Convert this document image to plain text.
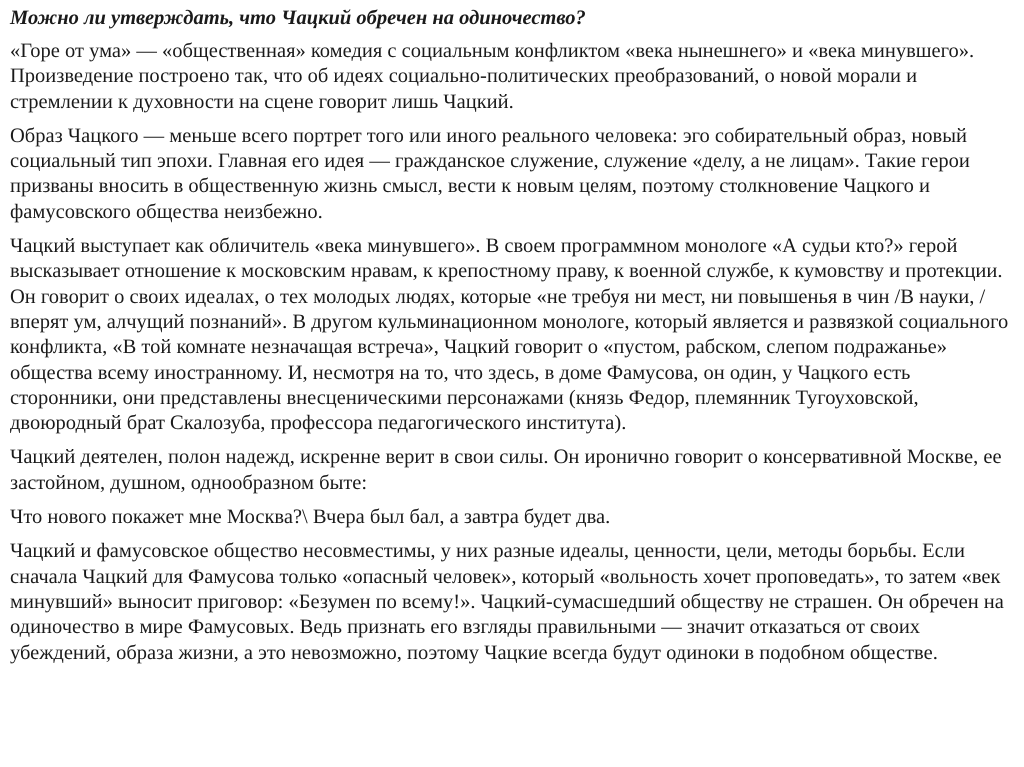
Можно ли утверждать, что Чацкий обречен на одиночество?

«Горе от ума» — «общественная» комедия с социальным конфликтом «века нынешнего» и «века минувшего». Произведение построено так, что об идеях социально-политических преобразований, о новой морали и стремлении к духовности на сцене говорит лишь Чацкий.

Образ Чацкого — меньше всего портрет того или иного реального человека: эго собирательный образ, новый социальный тип эпохи. Главная его идея — гражданское служение, служение «делу, а не лицам». Такие герои призваны вносить в общественную жизнь смысл, вести к новым целям, поэтому столкновение Чацкого и фамусовского общества неизбежно.

Чацкий выступает как обличитель «века минувшего». В своем программном монологе «А судьи кто?» герой высказывает отношение к московским нравам, к крепостному праву, к военной службе, к кумовству и протекции. Он говорит о своих идеалах, о тех молодых людях, которые «не требуя ни мест, ни повышенья в чин /В науки, /вперят ум, алчущий познаний». В другом кульминационном монологе, который является и развязкой социального конфликта, «В той комнате незначащая встреча», Чацкий говорит о «пустом, рабском, слепом подражанье» общества всему иностранному. И, несмотря на то, что здесь, в доме Фамусова, он один, у Чацкого есть сторонники, они представлены внесценическими персонажами (князь Федор, племянник Тугоуховской, двоюродный брат Скалозуба, профессора педагогического института).

Чацкий деятелен, полон надежд, искренне верит в свои силы. Он иронично говорит о консервативной Москве, ее застойном, душном, однообразном быте:

Что нового покажет мне Москва?\ Вчера был бал, а завтра будет два.

Чацкий и фамусовское общество несовместимы, у них разные идеалы, ценности, цели, методы борьбы. Если сначала Чацкий для Фамусова только «опасный человек», который «вольность хочет проповедать», то затем «век минувший» выносит приговор: «Безумен по всему!». Чацкий-сумасшедший обществу не страшен. Он обречен на одиночество в мире Фамусовых. Ведь признать его взгляды правильными — значит отказаться от своих убеждений, образа жизни, а это невозможно, поэтому Чацкие всегда будут одиноки в подобном обществе.
